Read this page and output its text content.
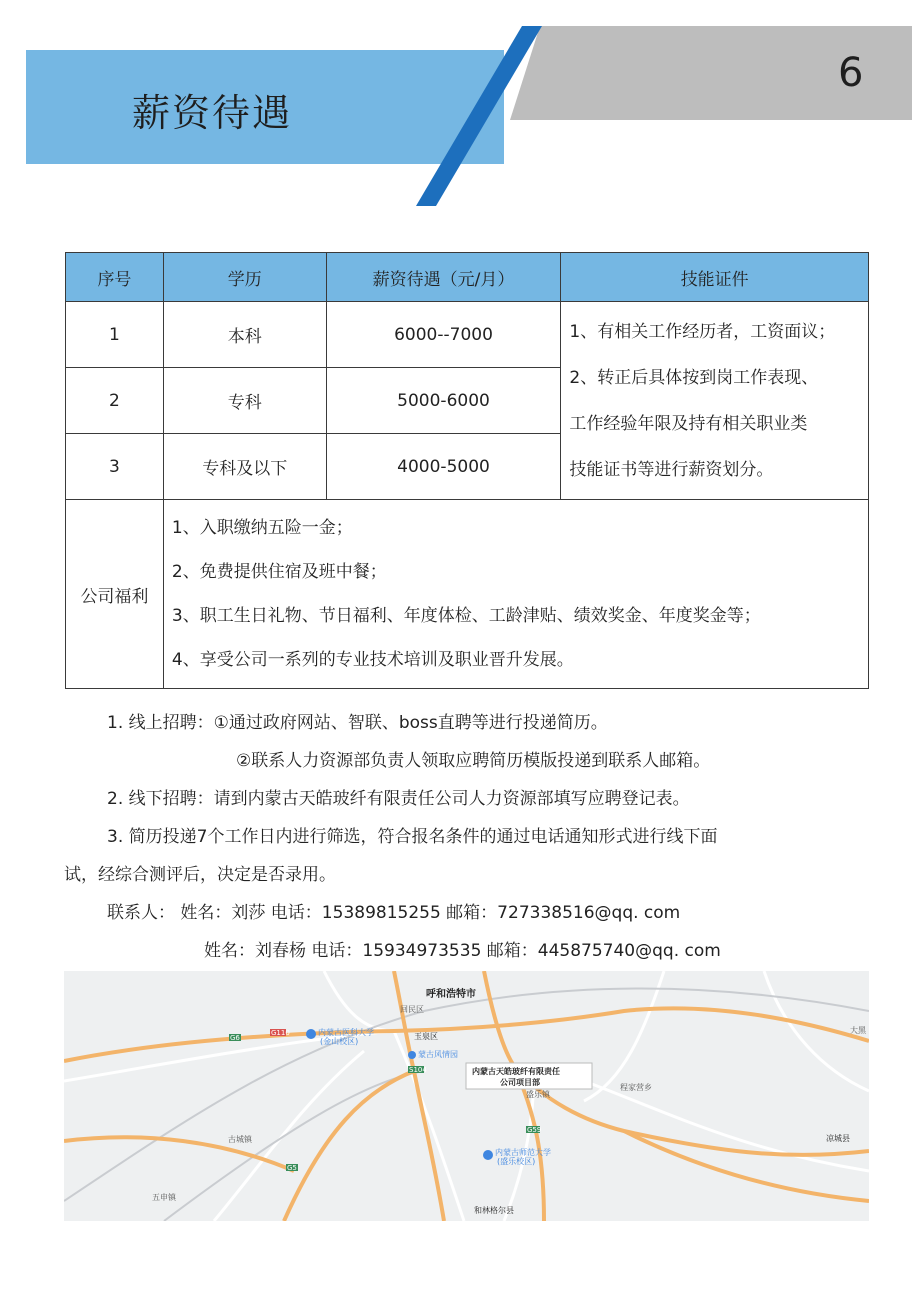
薪资待遇
6
序号	学历	薪资待遇（元/月）	技能证件
1	本科	6000--7000	1、有相关工作经历者，工资面议；
2、转正后具体按到岗工作表现、
工作经验年限及持有相关职业类
技能证书等进行薪资划分。

2	专科	5000-6000	
3	专科及以下	4000-5000	
公司福利	1、入职缴纳五险一金；
2、免费提供住宿及班中餐；
3、职工生日礼物、节日福利、年度体检、工龄津贴、绩效奖金、年度奖金等；
4、享受公司一系列的专业技术培训及职业晋升发展。		
1. 线上招聘：①通过政府网站、智联、boss直聘等进行投递简历。
②联系人力资源部负责人领取应聘简历模版投递到联系人邮箱。
2. 线下招聘：请到内蒙古天皓玻纤有限责任公司人力资源部填写应聘登记表。
3. 简历投递7个工作日内进行筛选，符合报名条件的通过电话通知形式进行线下面
试，经综合测评后，决定是否录用。
联系人： 姓名：刘莎 电话：15389815255 邮箱：727338516@qq. com
姓名：刘春杨 电话：15934973535 邮箱：445875740@qq. com
G6
G110
S104
G59
G5
呼和浩特市
回民区
玉泉区
内蒙古医科大学
(金山校区)
蒙古风情园
盛乐镇
程家营乡
古城镇
内蒙古师范大学
(盛乐校区)
凉城县
五申镇
和林格尔县
大黑
内蒙古天皓玻纤有限责任
公司项目部
